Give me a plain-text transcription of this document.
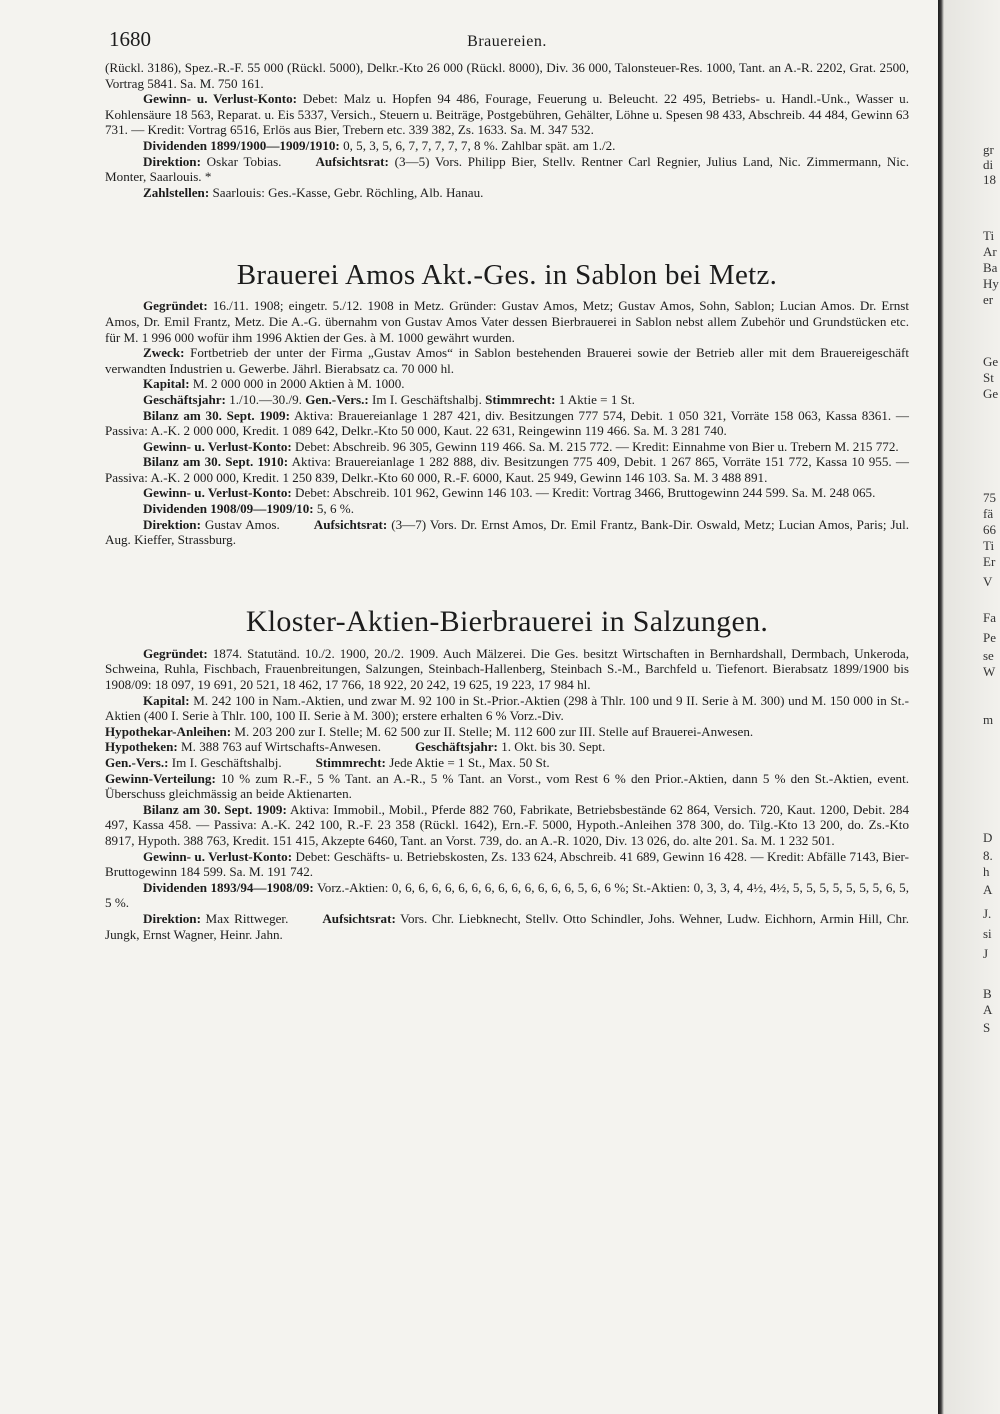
1680	Brauereien.

(Rückl. 3186), Spez.-R.-F. 55 000 (Rückl. 5000), Delkr.-Kto 26 000 (Rückl. 8000), Div. 36 000, Talonsteuer-Res. 1000, Tant. an A.-R. 2202, Grat. 2500, Vortrag 5841. Sa. M. 750 161.

Gewinn- u. Verlust-Konto: Debet: Malz u. Hopfen 94 486, Fourage, Feuerung u. Beleucht. 22 495, Betriebs- u. Handl.-Unk., Wasser u. Kohlensäure 18 563, Reparat. u. Eis 5337, Versich., Steuern u. Beiträge, Postgebühren, Gehälter, Löhne u. Spesen 98 433, Abschreib. 44 484, Gewinn 63 731. — Kredit: Vortrag 6516, Erlös aus Bier, Trebern etc. 339 382, Zs. 1633. Sa. M. 347 532.

Dividenden 1899/1900—1909/1910: 0, 5, 3, 5, 6, 7, 7, 7, 7, 7, 8 %. Zahlbar spät. am 1./2.

Direktion: Oskar Tobias.	Aufsichtsrat: (3—5) Vors. Philipp Bier, Stellv. Rentner Carl Regnier, Julius Land, Nic. Zimmermann, Nic. Monter, Saarlouis. *

Zahlstellen: Saarlouis: Ges.-Kasse, Gebr. Röchling, Alb. Hanau.

Brauerei Amos Akt.-Ges. in Sablon bei Metz.

Gegründet: 16./11. 1908; eingetr. 5./12. 1908 in Metz. Gründer: Gustav Amos, Metz; Gustav Amos, Sohn, Sablon; Lucian Amos. Dr. Ernst Amos, Dr. Emil Frantz, Metz. Die A.-G. übernahm von Gustav Amos Vater dessen Bierbrauerei in Sablon nebst allem Zubehör und Grundstücken etc. für M. 1 996 000 wofür ihm 1996 Aktien der Ges. à M. 1000 gewährt wurden.

Zweck: Fortbetrieb der unter der Firma „Gustav Amos“ in Sablon bestehenden Brauerei sowie der Betrieb aller mit dem Brauereigeschäft verwandten Industrien u. Gewerbe. Jährl. Bierabsatz ca. 70 000 hl.

Kapital: M. 2 000 000 in 2000 Aktien à M. 1000.

Geschäftsjahr: 1./10.—30./9. Gen.-Vers.: Im I. Geschäftshalbj. Stimmrecht: 1 Aktie = 1 St.

Bilanz am 30. Sept. 1909: Aktiva: Brauereianlage 1 287 421, div. Besitzungen 777 574, Debit. 1 050 321, Vorräte 158 063, Kassa 8361. — Passiva: A.-K. 2 000 000, Kredit. 1 089 642, Delkr.-Kto 50 000, Kaut. 22 631, Reingewinn 119 466. Sa. M. 3 281 740.

Gewinn- u. Verlust-Konto: Debet: Abschreib. 96 305, Gewinn 119 466. Sa. M. 215 772. — Kredit: Einnahme von Bier u. Trebern M. 215 772.

Bilanz am 30. Sept. 1910: Aktiva: Brauereianlage 1 282 888, div. Besitzungen 775 409, Debit. 1 267 865, Vorräte 151 772, Kassa 10 955. — Passiva: A.-K. 2 000 000, Kredit. 1 250 839, Delkr.-Kto 60 000, R.-F. 6000, Kaut. 25 949, Gewinn 146 103. Sa. M. 3 488 891.

Gewinn- u. Verlust-Konto: Debet: Abschreib. 101 962, Gewinn 146 103. — Kredit: Vortrag 3466, Bruttogewinn 244 599. Sa. M. 248 065.

Dividenden 1908/09—1909/10: 5, 6 %.

Direktion: Gustav Amos.	Aufsichtsrat: (3—7) Vors. Dr. Ernst Amos, Dr. Emil Frantz, Bank-Dir. Oswald, Metz; Lucian Amos, Paris; Jul. Aug. Kieffer, Strassburg.

Kloster-Aktien-Bierbrauerei in Salzungen.

Gegründet: 1874. Statutänd. 10./2. 1900, 20./2. 1909. Auch Mälzerei. Die Ges. besitzt Wirtschaften in Bernhardshall, Dermbach, Unkeroda, Schweina, Ruhla, Fischbach, Frauenbreitungen, Salzungen, Steinbach-Hallenberg, Steinbach S.-M., Barchfeld u. Tiefenort. Bierabsatz 1899/1900 bis 1908/09: 18 097, 19 691, 20 521, 18 462, 17 766, 18 922, 20 242, 19 625, 19 223, 17 984 hl.

Kapital: M. 242 100 in Nam.-Aktien, und zwar M. 92 100 in St.-Prior.-Aktien (298 à Thlr. 100 und 9 II. Serie à M. 300) und M. 150 000 in St.-Aktien (400 I. Serie à Thlr. 100, 100 II. Serie à M. 300); erstere erhalten 6 % Vorz.-Div.

Hypothekar-Anleihen: M. 203 200 zur I. Stelle; M. 62 500 zur II. Stelle; M. 112 600 zur III. Stelle auf Brauerei-Anwesen.

Hypotheken: M. 388 763 auf Wirtschafts-Anwesen.	Geschäftsjahr: 1. Okt. bis 30. Sept.

Gen.-Vers.: Im I. Geschäftshalbj.	Stimmrecht: Jede Aktie = 1 St., Max. 50 St.

Gewinn-Verteilung: 10 % zum R.-F., 5 % Tant. an A.-R., 5 % Tant. an Vorst., vom Rest 6 % den Prior.-Aktien, dann 5 % den St.-Aktien, event. Überschuss gleichmässig an beide Aktienarten.

Bilanz am 30. Sept. 1909: Aktiva: Immobil., Mobil., Pferde 882 760, Fabrikate, Betriebsbestände 62 864, Versich. 720, Kaut. 1200, Debit. 284 497, Kassa 458. — Passiva: A.-K. 242 100, R.-F. 23 358 (Rückl. 1642), Ern.-F. 5000, Hypoth.-Anleihen 378 300, do. Tilg.-Kto 13 200, do. Zs.-Kto 8917, Hypoth. 388 763, Kredit. 151 415, Akzepte 6460, Tant. an Vorst. 739, do. an A.-R. 1020, Div. 13 026, do. alte 201. Sa. M. 1 232 501.

Gewinn- u. Verlust-Konto: Debet: Geschäfts- u. Betriebskosten, Zs. 133 624, Abschreib. 41 689, Gewinn 16 428. — Kredit: Abfälle 7143, Bier-Bruttogewinn 184 599. Sa. M. 191 742.

Dividenden 1893/94—1908/09: Vorz.-Aktien: 0, 6, 6, 6, 6, 6, 6, 6, 6, 6, 6, 6, 6, 6, 5, 6, 6 %; St.-Aktien: 0, 3, 3, 4, 4½, 4½, 5, 5, 5, 5, 5, 5, 5, 6, 5, 5 %.

Direktion: Max Rittweger.	Aufsichtsrat: Vors. Chr. Liebknecht, Stellv. Otto Schindler, Johs. Wehner, Ludw. Eichhorn, Armin Hill, Chr. Jungk, Ernst Wagner, Heinr. Jahn.

gr
di
18
Ti
Ar
Ba
Hy
er
Ge
St
Ge
75
fä
66
Ti
Er
V
Fa
Pe
se
W
m
D
8.
h
A
J.
si
J
B
A
S
